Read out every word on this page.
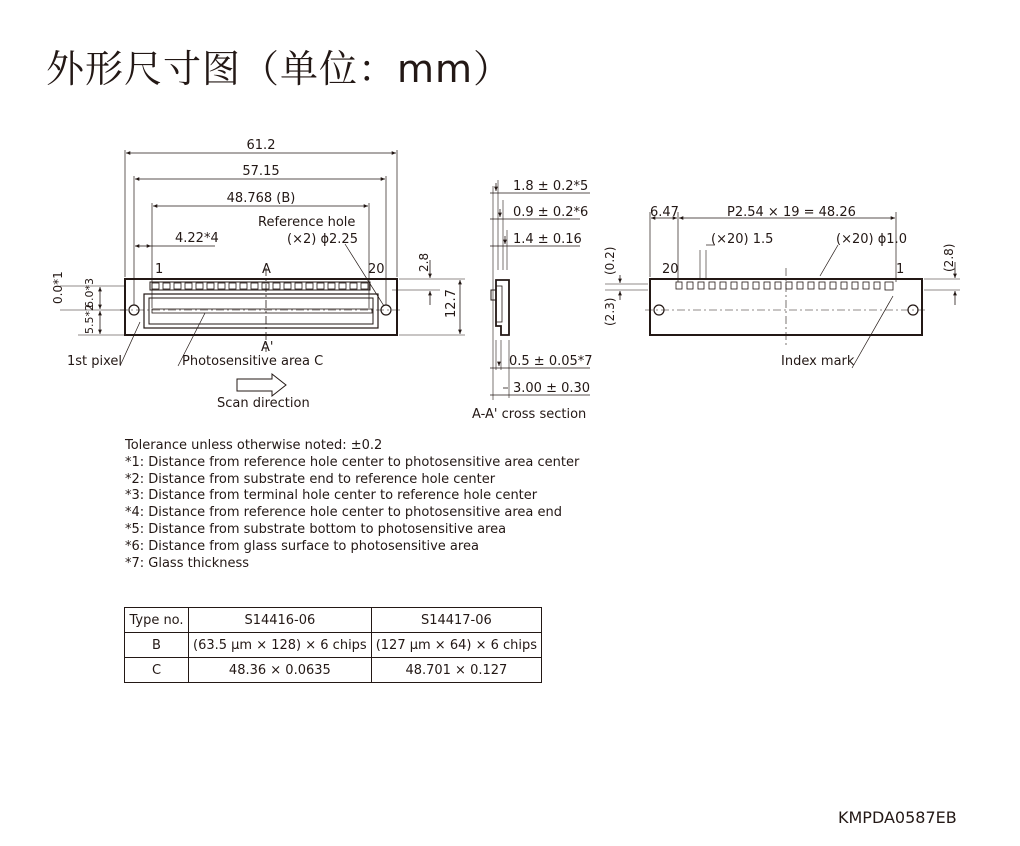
外形尺寸图（单位：mm）
61.2
57.15
48.768 (B)
4.22*4
Reference hole
(×2) ϕ2.25
1	A	20	2.8
12.7
0.0*1 6.0*3
5.5*2
A'
1st pixel	Photosensitive area C
Scan direction
1.8 ± 0.2*5
0.9 ± 0.2*6
1.4 ± 0.16
0.5 ± 0.05*7
3.00 ± 0.30
A-A' cross section
6.47	P2.54 × 19 = 48.26
(×20) 1.5	(×20) ϕ1.0
20	1
(0.2)
(2.3)
(2.8)
Index mark
Tolerance unless otherwise noted: ±0.2
*1: Distance from reference hole center to photosensitive area center
*2: Distance from substrate end to reference hole center
*3: Distance from terminal hole center to reference hole center
*4: Distance from reference hole center to photosensitive area end
*5: Distance from substrate bottom to photosensitive area
*6: Distance from glass surface to photosensitive area
*7: Glass thickness
Type no.	S14416-06	S14417-06
B	(63.5 μm × 128) × 6 chips	(127 μm × 64) × 6 chips
C	48.36 × 0.0635	48.701 × 0.127
KMPDA0587EB
